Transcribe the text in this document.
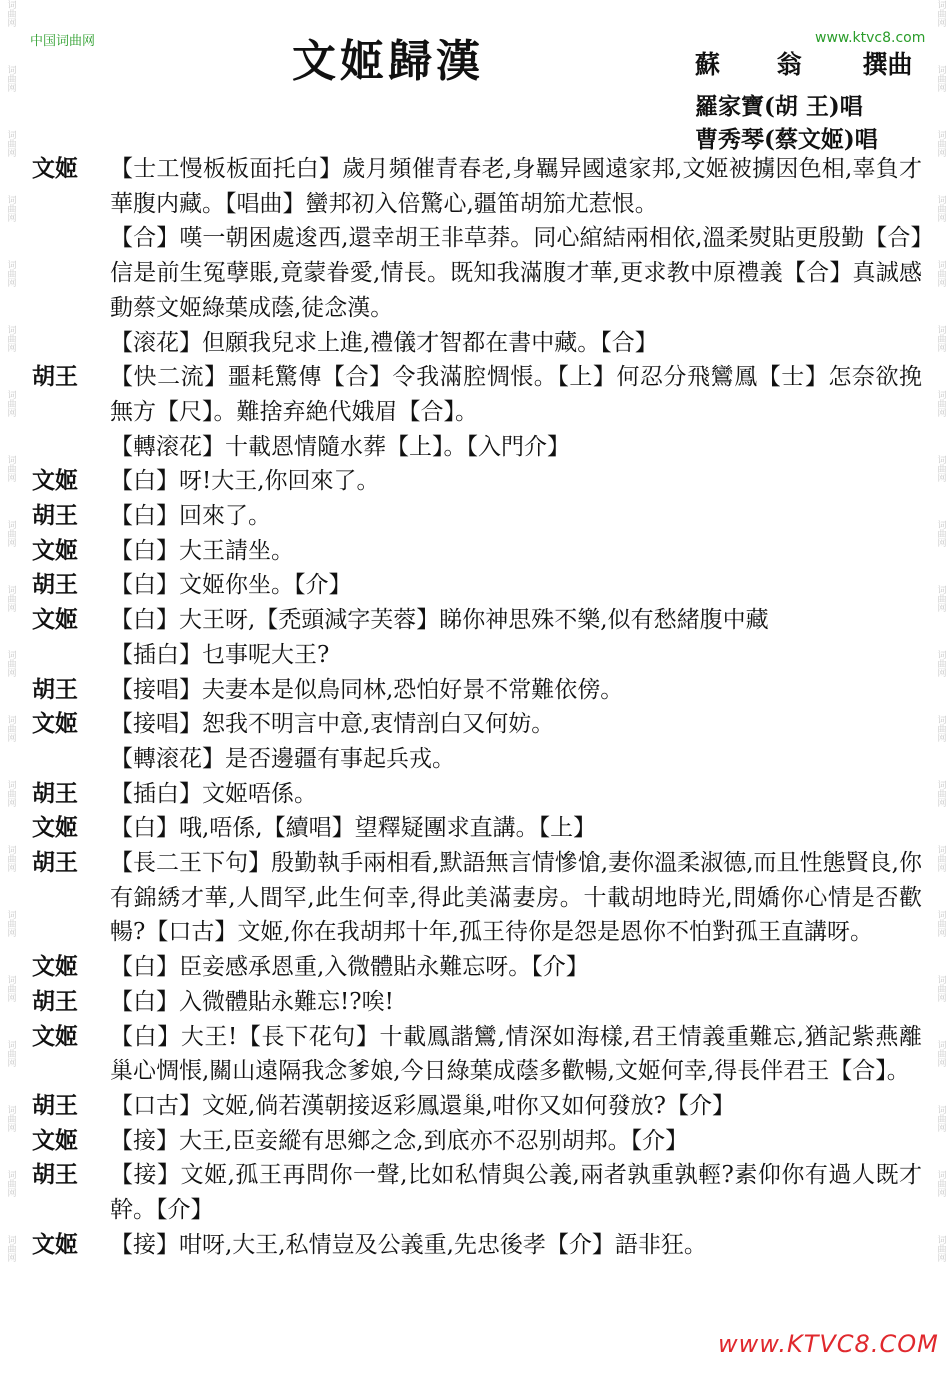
词曲网
词曲网
词曲网
词曲网
词曲网
词曲网
词曲网
词曲网
词曲网
词曲网
词曲网
词曲网
词曲网
词曲网
词曲网
词曲网
词曲网
词曲网
词曲网
词曲网
词曲网
词曲网
词曲网
词曲网
词曲网
词曲网
词曲网
词曲网
词曲网
词曲网
词曲网
词曲网
词曲网
词曲网
词曲网
词曲网
词曲网
词曲网
词曲网
词曲网
中国词曲网	www.ktvc8.com
文姬歸漢	蘇 翁 撰曲
羅家寶(胡 王)唱
曹秀琴(蔡文姬)唱
文姬	【士工慢板板面托白】歲月頻催青春老,身羈异國遠家邦,文姬被擄因色相,辜負才華腹内藏。【唱曲】蠻邦初入倍驚心,疆笛胡笳尤惹恨。
【合】嘆一朝困處逡西,還幸胡王非草莽。同心綰結兩相依,溫柔熨貼更殷勤【合】信是前生冤孽賬,竟蒙眷愛,情長。既知我滿腹才華,更求教中原禮義【合】真誠感動蔡文姬綠葉成蔭,徒念漢。
【滚花】但願我兒求上進,禮儀才智都在書中藏。【合】
胡王	【快二流】噩耗驚傳【合】令我滿腔惆悵。【上】何忍分飛鸞鳳【士】怎奈欲挽無方【尺】。難捨弃絶代娥眉【合】。
【轉滚花】十載恩情隨水葬【上】。【入門介】
文姬	【白】呀!大王,你回來了。
胡王	【白】回來了。
文姬	【白】大王請坐。
胡王	【白】文姬你坐。【介】
文姬	【白】大王呀,【禿頭減字芙蓉】睇你神思殊不樂,似有愁緒腹中藏
【插白】乜事呢大王?
胡王	【接唱】夫妻本是似鳥同林,恐怕好景不常難依傍。
文姬	【接唱】恕我不明言中意,衷情剖白又何妨。
【轉滚花】是否邊疆有事起兵戎。
胡王	【插白】文姬唔係。
文姬	【白】哦,唔係,【續唱】望釋疑團求直講。【上】
胡王	【長二王下句】殷勤執手兩相看,默語無言情慘愴,妻你溫柔淑德,而且性態賢良,你有錦綉才華,人間罕,此生何幸,得此美滿妻房。十載胡地時光,問嬌你心情是否歡暢?【口古】文姬,你在我胡邦十年,孤王待你是怨是恩你不怕對孤王直講呀。
文姬	【白】臣妾感承恩重,入微體貼永難忘呀。【介】
胡王	【白】入微體貼永難忘!?唉!
文姬	【白】大王!【長下花句】十載鳳諧鸞,情深如海樣,君王情義重難忘,猶記紫燕離巢心惆悵,關山遠隔我念爹娘,今日綠葉成蔭多歡暢,文姬何幸,得長伴君王【合】。
胡王	【口古】文姬,倘若漢朝接返彩鳳還巢,咁你又如何發放?【介】
文姬	【接】大王,臣妾縱有思鄉之念,到底亦不忍别胡邦。【介】
胡王	【接】文姬,孤王再問你一聲,比如私情與公義,兩者孰重孰輕?素仰你有過人既才幹。【介】
文姬	【接】咁呀,大王,私情豈及公義重,先忠後孝【介】語非狂。
www.KTVC8.COM
